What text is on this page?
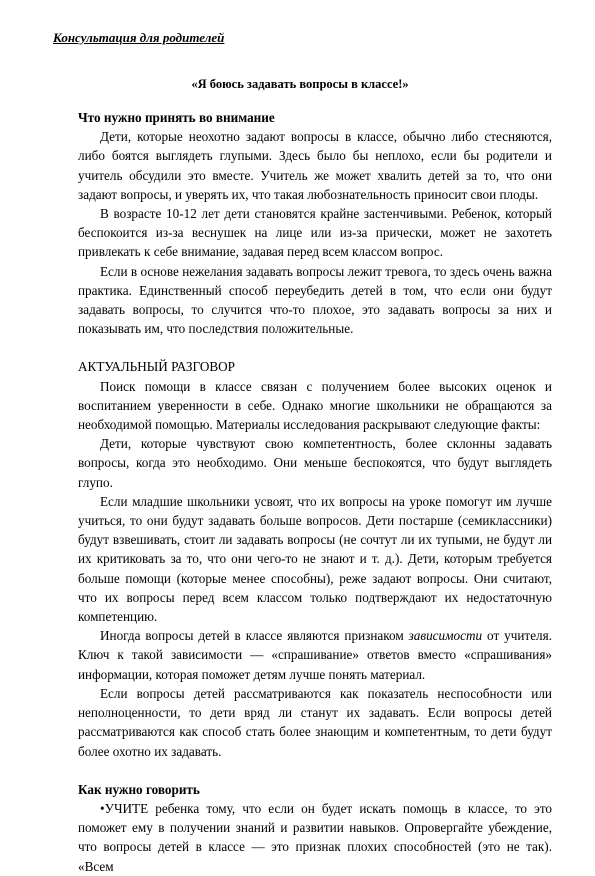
Консультация для родителей
«Я боюсь задавать вопросы в классе!»
Что нужно принять во внимание

Дети, которые неохотно задают вопросы в классе, обычно либо стесняются, либо боятся выглядеть глупыми. Здесь было бы неплохо, если бы родители и учитель обсудили это вместе. Учитель же может хвалить детей за то, что они задают вопросы, и уверять их, что такая любознательность приносит свои плоды.

В возрасте 10-12 лет дети становятся крайне застенчивыми. Ребенок, который беспокоится из-за веснушек на лице или из-за прически, может не захотеть привлекать к себе внимание, задавая перед всем классом вопрос.

Если в основе нежелания задавать вопросы лежит тревога, то здесь очень важна практика. Единственный способ переубедить детей в том, что если они будут задавать вопросы, то случится что-то плохое, это задавать вопросы за них и показывать им, что последствия положительные.

АКТУАЛЬНЫЙ РАЗГОВОР

Поиск помощи в классе связан с получением более высоких оценок и воспитанием уверенности в себе. Однако многие школьники не обращаются за необходимой помощью. Материалы исследования раскрывают следующие факты:

Дети, которые чувствуют свою компетентность, более склонны задавать вопросы, когда это необходимо. Они меньше беспокоятся, что будут выглядеть глупо.

Если младшие школьники усвоят, что их вопросы на уроке помогут им лучше учиться, то они будут задавать больше вопросов. Дети постарше (семиклассники) будут взвешивать, стоит ли задавать вопросы (не сочтут ли их тупыми, не будут ли их критиковать за то, что они чего-то не знают и т. д.). Дети, которым требуется больше помощи (которые менее способны), реже задают вопросы. Они считают, что их вопросы перед всем классом только подтверждают их недостаточную компетенцию.

Иногда вопросы детей в классе являются признаком зависимости от учителя. Ключ к такой зависимости — «спрашивание» ответов вместо «спрашивания» информации, которая поможет детям лучше понять материал.

Если вопросы детей рассматриваются как показатель неспособности или неполноценности, то дети вряд ли станут их задавать. Если вопросы детей рассматриваются как способ стать более знающим и компетентным, то дети будут более охотно их задавать.

Как нужно говорить

•УЧИТЕ ребенка тому, что если он будет искать помощь в классе, то это поможет ему в получении знаний и развитии навыков. Опровергайте убеждение, что вопросы детей в классе — это признак плохих способностей (это не так). «Всем
